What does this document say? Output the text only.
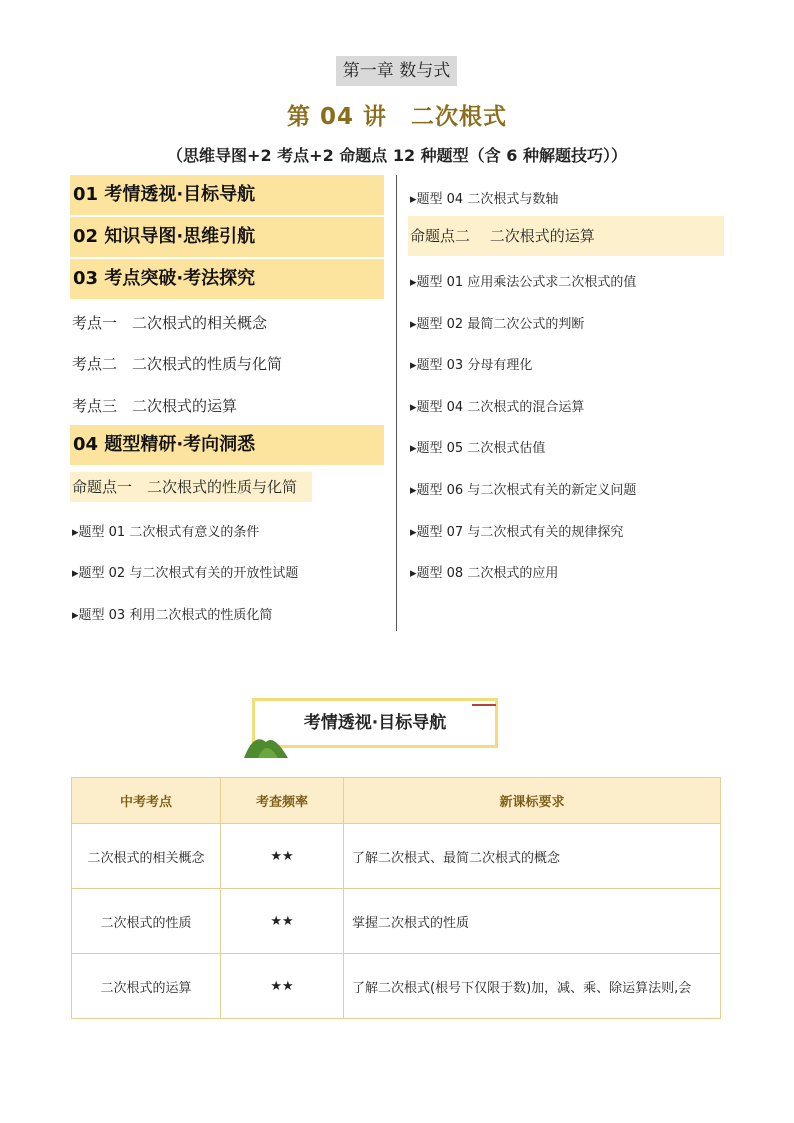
第一章 数与式
第 04 讲　二次根式
（思维导图+2 考点+2 命题点 12 种题型（含 6 种解题技巧））
01 考情透视·目标导航
02 知识导图·思维引航
03 考点突破·考法探究
考点一　二次根式的相关概念
考点二　二次根式的性质与化简
考点三　二次根式的运算
04 题型精研·考向洞悉
命题点一　二次根式的性质与化简
▸题型 01 二次根式有意义的条件
▸题型 02 与二次根式有关的开放性试题
▸题型 03 利用二次根式的性质化简
▸题型 04 二次根式与数轴
命题点二　 二次根式的运算
▸题型 01 应用乘法公式求二次根式的值
▸题型 02 最简二次公式的判断
▸题型 03 分母有理化
▸题型 04 二次根式的混合运算
▸题型 05 二次根式估值
▸题型 06 与二次根式有关的新定义问题
▸题型 07 与二次根式有关的规律探究
▸题型 08 二次根式的应用
考情透视·目标导航
中考考点	考查频率	新课标要求
二次根式的相关概念	★★	了解二次根式、最简二次根式的概念
二次根式的性质	★★	掌握二次根式的性质
二次根式的运算	★★	了解二次根式(根号下仅限于数)加，减、乘、除运算法则,会
